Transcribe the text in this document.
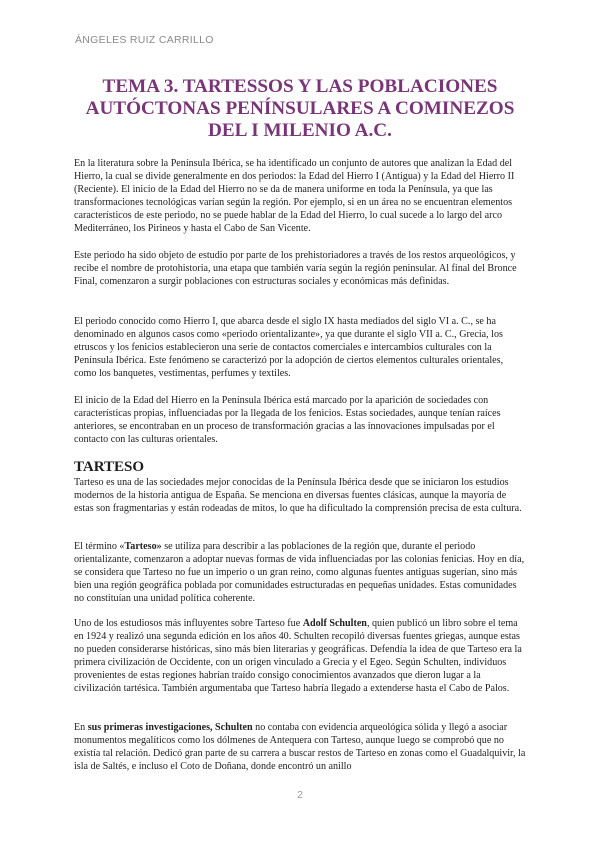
ÁNGELES RUIZ CARRILLO
TEMA 3. TARTESSOS Y LAS POBLACIONES AUTÓCTONAS PENÍNSULARES A COMINEZOS DEL I MILENIO A.C.

En la literatura sobre la Península Ibérica, se ha identificado un conjunto de autores que analizan la Edad del Hierro, la cual se divide generalmente en dos periodos: la Edad del Hierro I (Antigua) y la Edad del Hierro II (Reciente). El inicio de la Edad del Hierro no se da de manera uniforme en toda la Península, ya que las transformaciones tecnológicas varían según la región. Por ejemplo, si en un área no se encuentran elementos característicos de este periodo, no se puede hablar de la Edad del Hierro, lo cual sucede a lo largo del arco Mediterráneo, los Pirineos y hasta el Cabo de San Vicente.

Este periodo ha sido objeto de estudio por parte de los prehistoriadores a través de los restos arqueológicos, y recibe el nombre de protohistoria, una etapa que también varía según la región peninsular. Al final del Bronce Final, comenzaron a surgir poblaciones con estructuras sociales y económicas más definidas.

El periodo conocido como Hierro I, que abarca desde el siglo IX hasta mediados del siglo VI a. C., se ha denominado en algunos casos como «periodo orientalizante», ya que durante el siglo VII a. C., Grecia, los etruscos y los fenicios establecieron una serie de contactos comerciales e intercambios culturales con la Península Ibérica. Este fenómeno se caracterizó por la adopción de ciertos elementos culturales orientales, como los banquetes, vestimentas, perfumes y textiles.

El inicio de la Edad del Hierro en la Península Ibérica está marcado por la aparición de sociedades con características propias, influenciadas por la llegada de los fenicios. Estas sociedades, aunque tenían raíces anteriores, se encontraban en un proceso de transformación gracias a las innovaciones impulsadas por el contacto con las culturas orientales.

TARTESO

Tarteso es una de las sociedades mejor conocidas de la Península Ibérica desde que se iniciaron los estudios modernos de la historia antigua de España. Se menciona en diversas fuentes clásicas, aunque la mayoría de estas son fragmentarias y están rodeadas de mitos, lo que ha dificultado la comprensión precisa de esta cultura.

El término «Tarteso» se utiliza para describir a las poblaciones de la región que, durante el periodo orientalizante, comenzaron a adoptar nuevas formas de vida influenciadas por las colonias fenicias. Hoy en día, se considera que Tarteso no fue un imperio o un gran reino, como algunas fuentes antiguas sugerían, sino más bien una región geográfica poblada por comunidades estructuradas en pequeñas unidades. Estas comunidades no constituían una unidad política coherente.

Uno de los estudiosos más influyentes sobre Tarteso fue Adolf Schulten, quien publicó un libro sobre el tema en 1924 y realizó una segunda edición en los años 40. Schulten recopiló diversas fuentes griegas, aunque estas no pueden considerarse históricas, sino más bien literarias y geográficas. Defendía la idea de que Tarteso era la primera civilización de Occidente, con un origen vinculado a Grecia y el Egeo. Según Schulten, individuos provenientes de estas regiones habrían traído consigo conocimientos avanzados que dieron lugar a la civilización tartésica. También argumentaba que Tarteso habría llegado a extenderse hasta el Cabo de Palos.

En sus primeras investigaciones, Schulten no contaba con evidencia arqueológica sólida y llegó a asociar monumentos megalíticos como los dólmenes de Antequera con Tarteso, aunque luego se comprobó que no existía tal relación. Dedicó gran parte de su carrera a buscar restos de Tarteso en zonas como el Guadalquivir, la isla de Saltés, e incluso el Coto de Doñana, donde encontró un anillo

2
